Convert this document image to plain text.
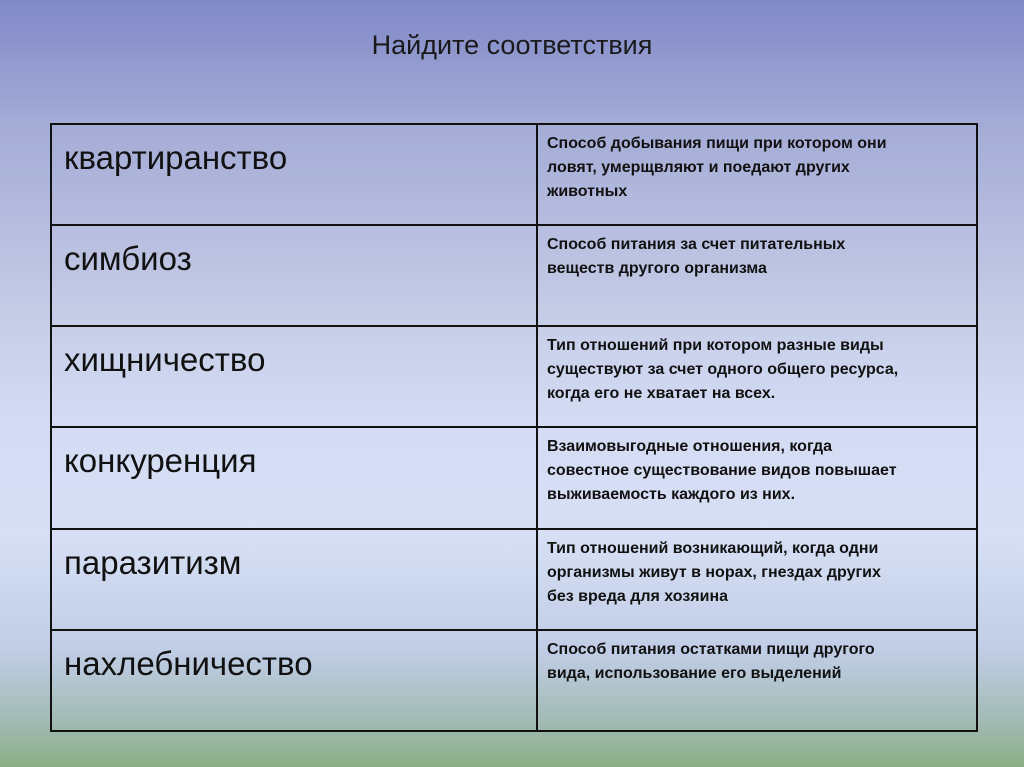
Найдите соответствия
квартиранство	Способ добывания пищи при котором они
ловят, умерщвляют и поедают других
животных
симбиоз	Способ питания за счет питательных
веществ другого организма
хищничество	Тип отношений при котором разные виды
существуют за счет одного общего ресурса,
когда его не хватает на всех.
конкуренция	Взаимовыгодные отношения, когда
совестное существование видов повышает
выживаемость каждого из них.
паразитизм	Тип отношений возникающий, когда одни
организмы живут в норах, гнездах других
без вреда для хозяина
нахлебничество	Способ питания остатками пищи другого
вида, использование его выделений
